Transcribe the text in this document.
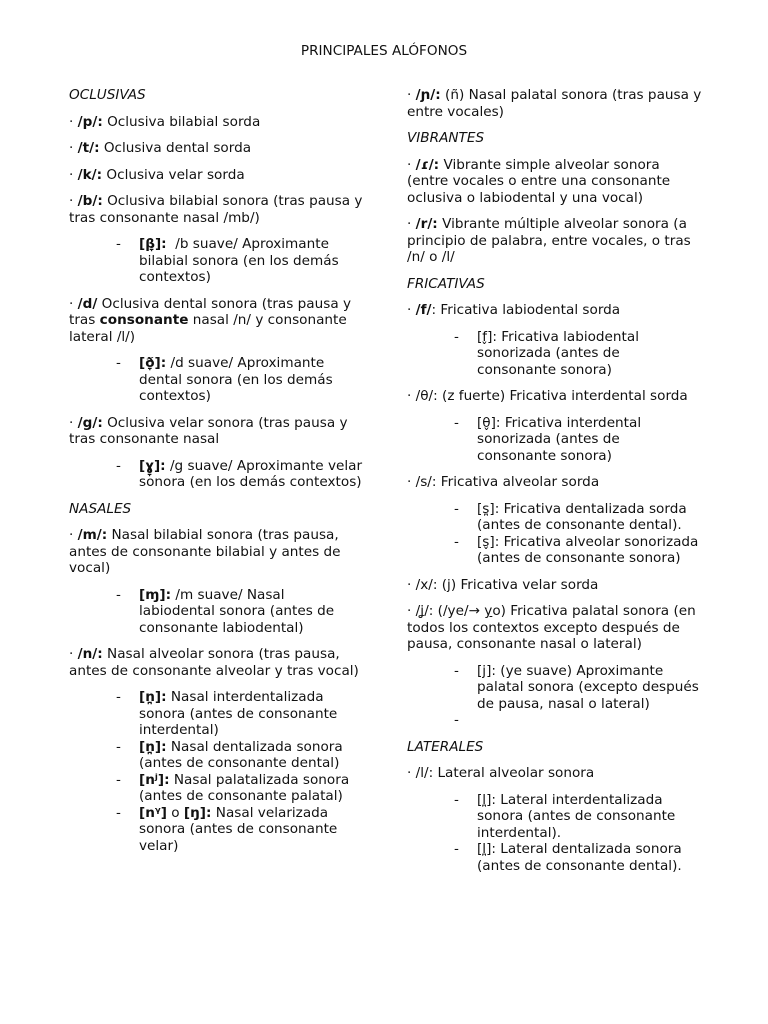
PRINCIPALES ALÓFONOS
OCLUSIVAS
· /p/: Oclusiva bilabial sorda
· /t/: Oclusiva dental sorda
· /k/: Oclusiva velar sorda
· /b/: Oclusiva bilabial sonora (tras pausa y tras consonante nasal /mb/)
- [β̞]: /b suave/ Aproximante bilabial sonora (en los demás contextos)
· /d/ Oclusiva dental sonora (tras pausa y tras consonante nasal /n/ y consonante lateral /l/)
- [ð̞]: /d suave/ Aproximante dental sonora (en los demás contextos)
· /g/: Oclusiva velar sonora (tras pausa y tras consonante nasal
- [ɣ̞]: /g suave/ Aproximante velar sonora (en los demás contextos)
NASALES
· /m/: Nasal bilabial sonora (tras pausa, antes de consonante bilabial y antes de vocal)
- [ɱ]: /m suave/ Nasal labiodental sonora (antes de consonante labiodental)
· /n/: Nasal alveolar sonora (tras pausa, antes de consonante alveolar y tras vocal)
- [n̪]: Nasal interdentalizada sonora (antes de consonante interdental)
- [n̪]: Nasal dentalizada sonora (antes de consonante dental)
- [nʲ]: Nasal palatalizada sonora (antes de consonante palatal)
- [nᵞ] o [ŋ]: Nasal velarizada sonora (antes de consonante velar)
· /ɲ/: (ñ) Nasal palatal sonora (tras pausa y entre vocales)
VIBRANTES
· /ɾ/: Vibrante simple alveolar sonora (entre vocales o entre una consonante oclusiva o labiodental y una vocal)
· /r/: Vibrante múltiple alveolar sonora (a principio de palabra, entre vocales, o tras /n/ o /l/
FRICATIVAS
· /f/: Fricativa labiodental sorda
- [f̬]: Fricativa labiodental sonorizada (antes de consonante sonora)
· /θ/: (z fuerte) Fricativa interdental sorda
- [θ̬]: Fricativa interdental sonorizada (antes de consonante sonora)
· /s/: Fricativa alveolar sorda
- [s̪]: Fricativa dentalizada sorda (antes de consonante dental).
- [s̬]: Fricativa alveolar sonorizada (antes de consonante sonora)
· /x/: (j) Fricativa velar sorda
· /ʝ/: (/ye/→ yo) Fricativa palatal sonora (en todos los contextos excepto después de pausa, consonante nasal o lateral)
- [j]: (ye suave) Aproximante palatal sonora (excepto después de pausa, nasal o lateral)
-

LATERALES
· /l/: Lateral alveolar sonora
- [l̪]: Lateral interdentalizada sonora (antes de consonante interdental).
- [l̪]: Lateral dentalizada sonora (antes de consonante dental).
